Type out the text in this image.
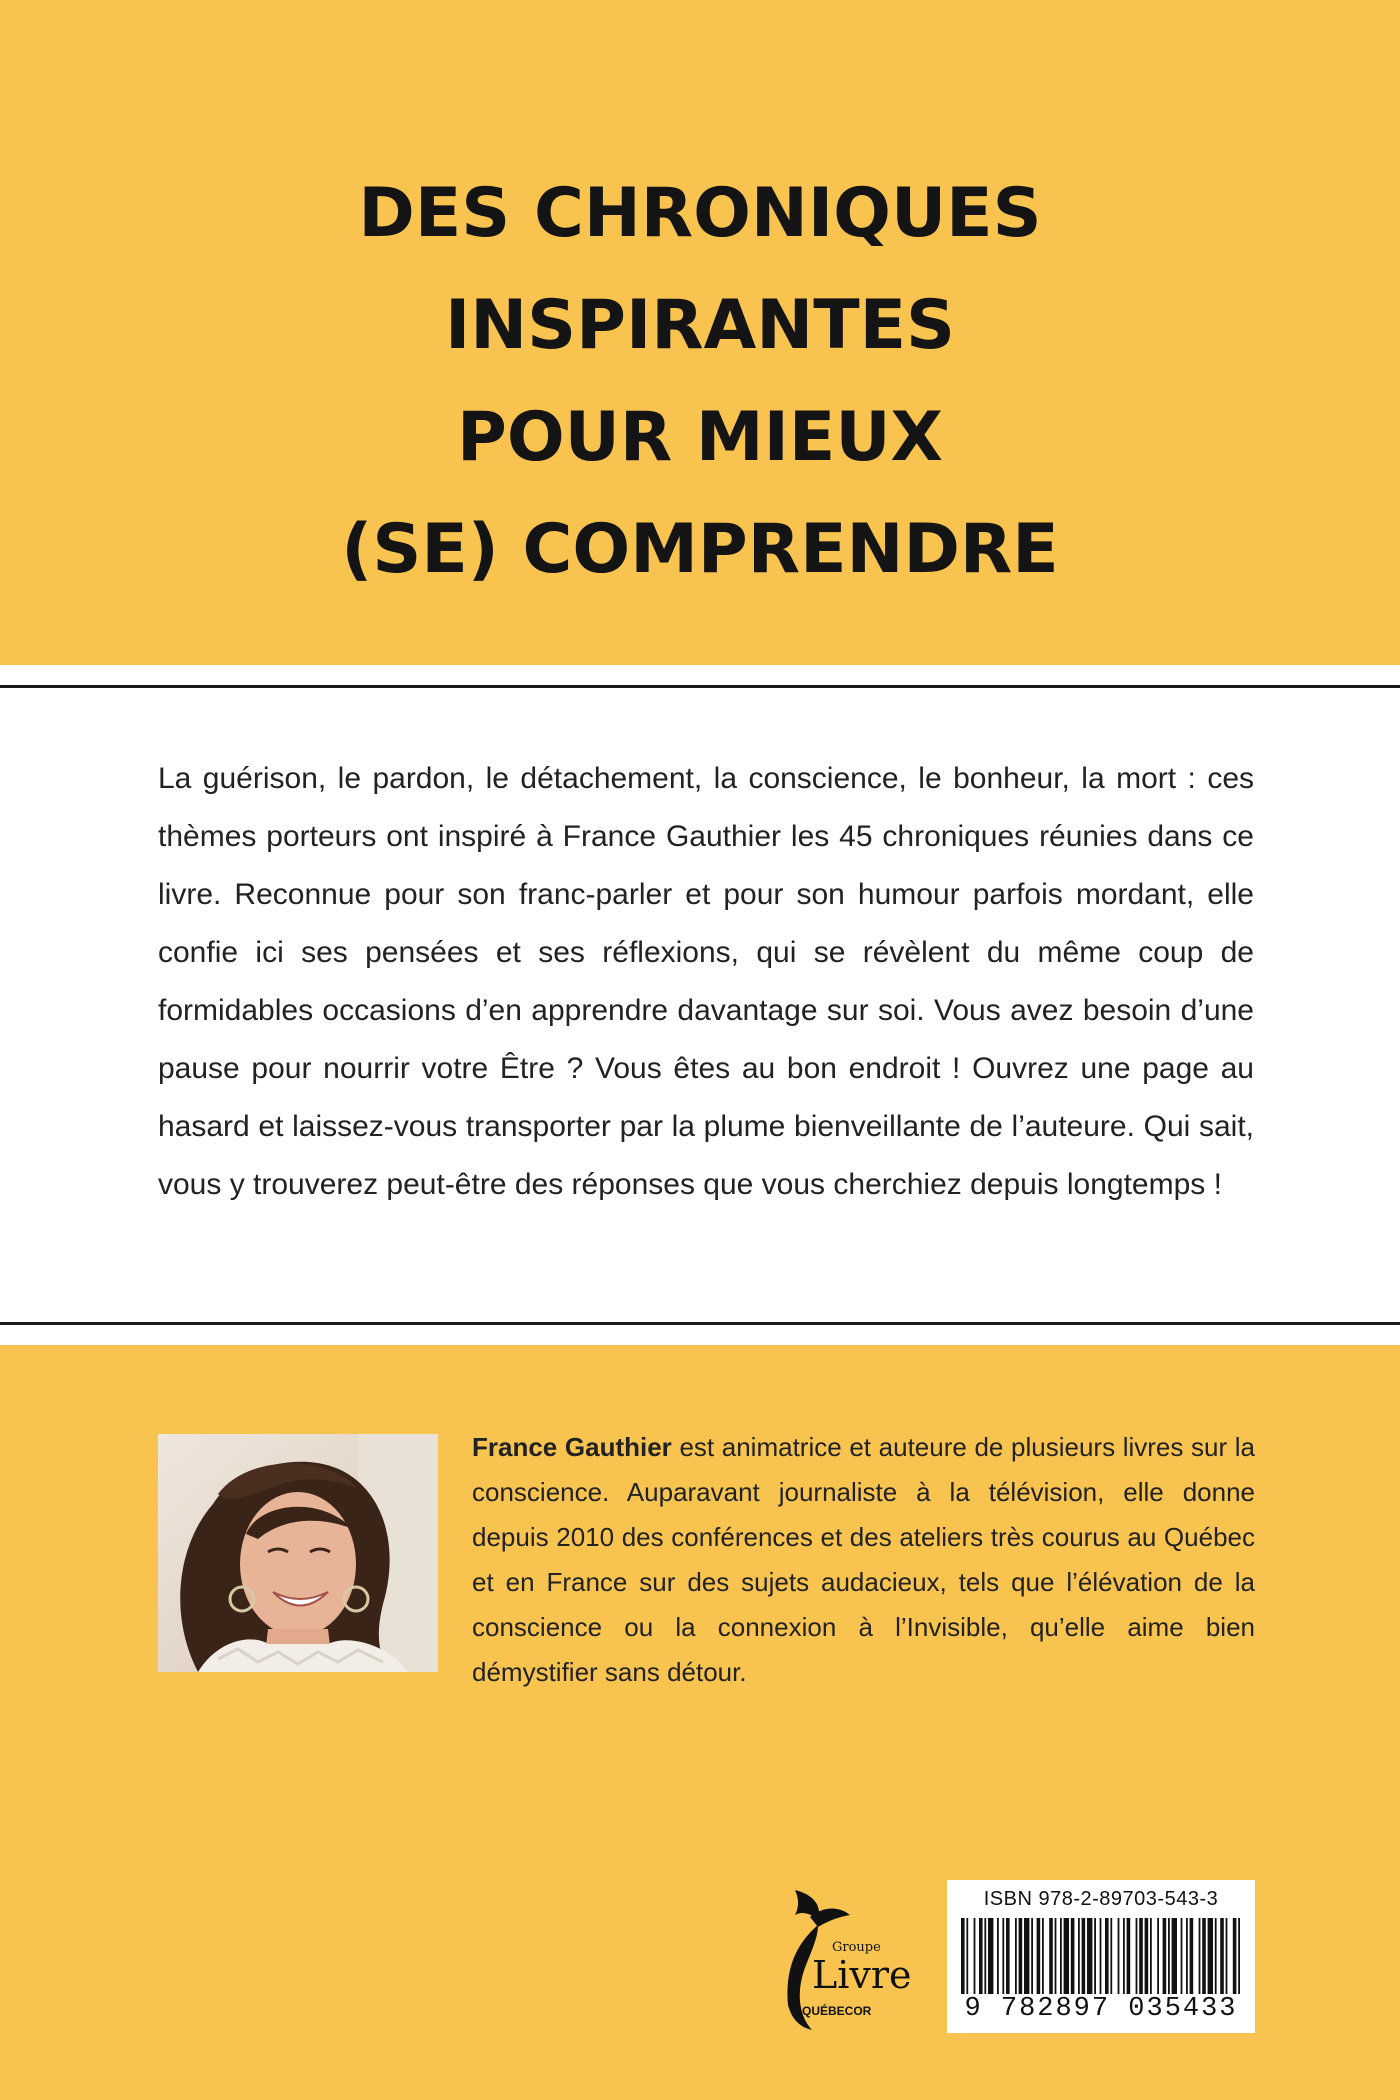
DES CHRONIQUES
INSPIRANTES
POUR MIEUX
(SE) COMPRENDRE
La guérison, le pardon, le détachement, la conscience, le bonheur, la mort : ces thèmes porteurs ont inspiré à France Gauthier les 45 chroniques réunies dans ce livre. Reconnue pour son franc-parler et pour son humour parfois mordant, elle confie ici ses pensées et ses réflexions, qui se révèlent du même coup de formidables occasions d’en apprendre davantage sur soi. Vous avez besoin d’une pause pour nourrir votre Être ? Vous êtes au bon endroit ! Ouvrez une page au hasard et laissez-vous transporter par la plume bienveillante de l’auteure. Qui sait, vous y trouverez peut-être des réponses que vous cherchiez depuis longtemps !
France Gauthier est animatrice et auteure de plusieurs livres sur la conscience. Auparavant journaliste à la télévision, elle donne depuis 2010 des conférences et des ateliers très courus au Québec et en France sur des sujets audacieux, tels que l’élévation de la conscience ou la connexion à l’Invisible, qu’elle aime bien démystifier sans détour.
Groupe
Livre
QUÉBECOR
ISBN 978-2-89703-543-3
9 782897 035433
